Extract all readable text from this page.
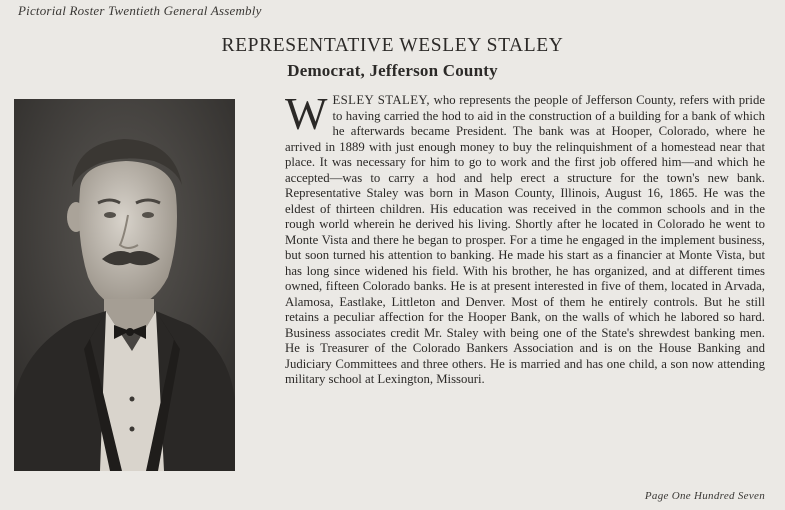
Pictorial Roster Twentieth General Assembly
REPRESENTATIVE WESLEY STALEY
Democrat, Jefferson County
WESLEY STALEY, who represents the people of Jefferson County, refers with pride to having carried the hod to aid in the construction of a building for a bank of which he afterwards became President. The bank was at Hooper, Colorado, where he arrived in 1889 with just enough money to buy the relinquishment of a homestead near that place. It was necessary for him to go to work and the first job offered him—and which he accepted—was to carry a hod and help erect a structure for the town's new bank. Representative Staley was born in Mason County, Illinois, August 16, 1865. He was the eldest of thirteen children. His education was received in the common schools and in the rough world wherein he derived his living. Shortly after he located in Colorado he went to Monte Vista and there he began to prosper. For a time he engaged in the implement business, but soon turned his attention to banking. He made his start as a financier at Monte Vista, but has long since widened his field. With his brother, he has organized, and at different times owned, fifteen Colorado banks. He is at present interested in five of them, located in Arvada, Alamosa, Eastlake, Littleton and Denver. Most of them he entirely controls. But he still retains a peculiar affection for the Hooper Bank, on the walls of which he labored so hard. Business associates credit Mr. Staley with being one of the State's shrewdest banking men. He is Treasurer of the Colorado Bankers Association and is on the House Banking and Judiciary Committees and three others. He is married and has one child, a son now attending military school at Lexington, Missouri.
Page One Hundred Seven
